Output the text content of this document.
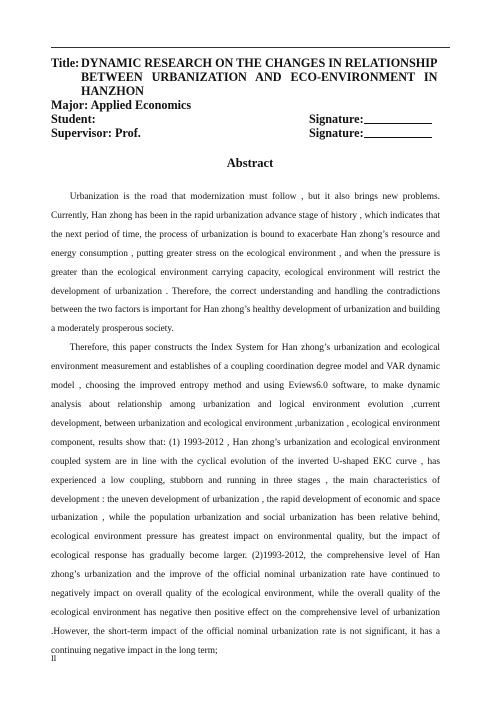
Title: DYNAMIC RESEARCH ON THE CHANGES IN RELATIONSHIP
BETWEEN URBANIZATION AND ECO-ENVIRONMENT IN
HANZHON
Major: Applied Economics
Student:	Signature:
Supervisor: Prof.	Signature:
Abstract

Urbanization is the road that modernization must follow , but it also brings new problems. Currently, Han zhong has been in the rapid urbanization advance stage of history , which indicates that the next period of time, the process of urbanization is bound to exacerbate Han zhong’s resource and energy consumption , putting greater stress on the ecological environment , and when the pressure is greater than the ecological environment carrying capacity, ecological environment will restrict the development of urbanization . Therefore, the correct understanding and handling the contradictions between the two factors is important for Han zhong’s healthy development of urbanization and building a moderately prosperous society.

Therefore, this paper constructs the Index System for Han zhong’s urbanization and ecological environment measurement and establishes of a coupling coordination degree model and VAR dynamic model , choosing the improved entropy method and using Eviews6.0 software, to make dynamic analysis about relationship among urbanization and logical environment evolution ,current development, between urbanization and ecological environment ,urbanization , ecological environment component, results show that: (1) 1993-2012 , Han zhong’s urbanization and ecological environment coupled system are in line with the cyclical evolution of the inverted U-shaped EKC curve , has experienced a low coupling, stubborn and running in three stages , the main characteristics of development : the uneven development of urbanization , the rapid development of economic and space urbanization , while the population urbanization and social urbanization has been relative behind, ecological environment pressure has greatest impact on environmental quality, but the impact of ecological response has gradually become larger. (2)1993-2012, the comprehensive level of Han zhong’s urbanization and the improve of the official nominal urbanization rate have continued to negatively impact on overall quality of the ecological environment, while the overall quality of the ecological environment has negative then positive effect on the comprehensive level of urbanization .However, the short-term impact of the official nominal urbanization rate is not significant, it has a continuing negative impact in the long term;

II
